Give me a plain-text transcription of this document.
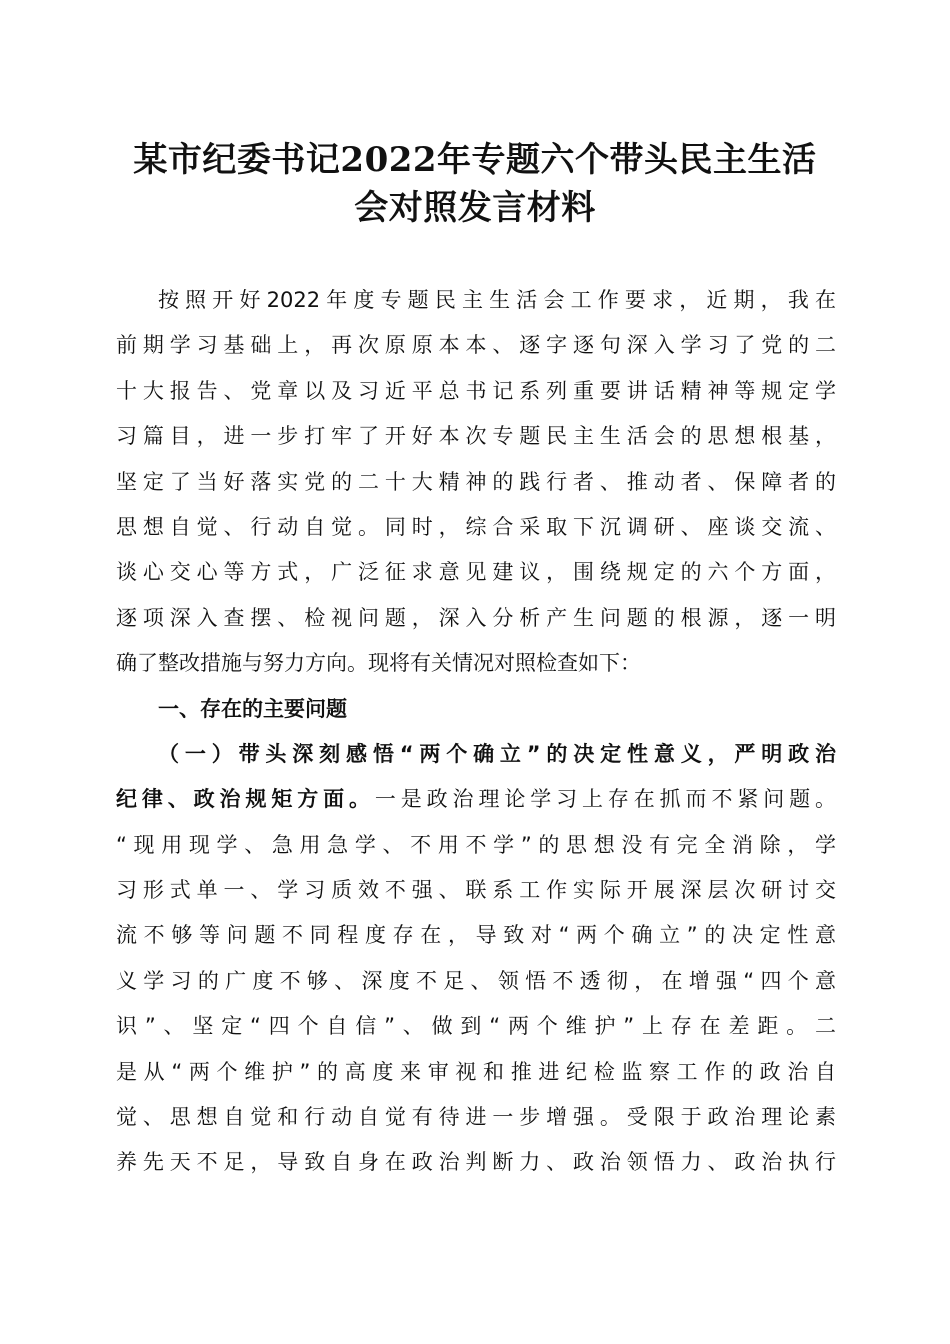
某市纪委书记2022年专题六个带头民主生活
会对照发言材料
按照开好2022年度专题民主生活会工作要求，近期，我在
前期学习基础上，再次原原本本、逐字逐句深入学习了党的二
十大报告、党章以及习近平总书记系列重要讲话精神等规定学
习篇目，进一步打牢了开好本次专题民主生活会的思想根基，
坚定了当好落实党的二十大精神的践行者、推动者、保障者的
思想自觉、行动自觉。同时，综合采取下沉调研、座谈交流、
谈心交心等方式，广泛征求意见建议，围绕规定的六个方面，
逐项深入查摆、检视问题，深入分析产生问题的根源，逐一明
确了整改措施与努力方向。现将有关情况对照检查如下：
一、存在的主要问题
（一）带头深刻感悟“两个确立”的决定性意义，严明政治
纪律、政治规矩方面。一是政治理论学习上存在抓而不紧问题。
“现用现学、急用急学、不用不学”的思想没有完全消除，学
习形式单一、学习质效不强、联系工作实际开展深层次研讨交
流不够等问题不同程度存在，导致对“两个确立”的决定性意
义学习的广度不够、深度不足、领悟不透彻，在增强“四个意
识”、坚定“四个自信”、做到“两个维护”上存在差距。二
是从“两个维护”的高度来审视和推进纪检监察工作的政治自
觉、思想自觉和行动自觉有待进一步增强。受限于政治理论素
养先天不足，导致自身在政治判断力、政治领悟力、政治执行
